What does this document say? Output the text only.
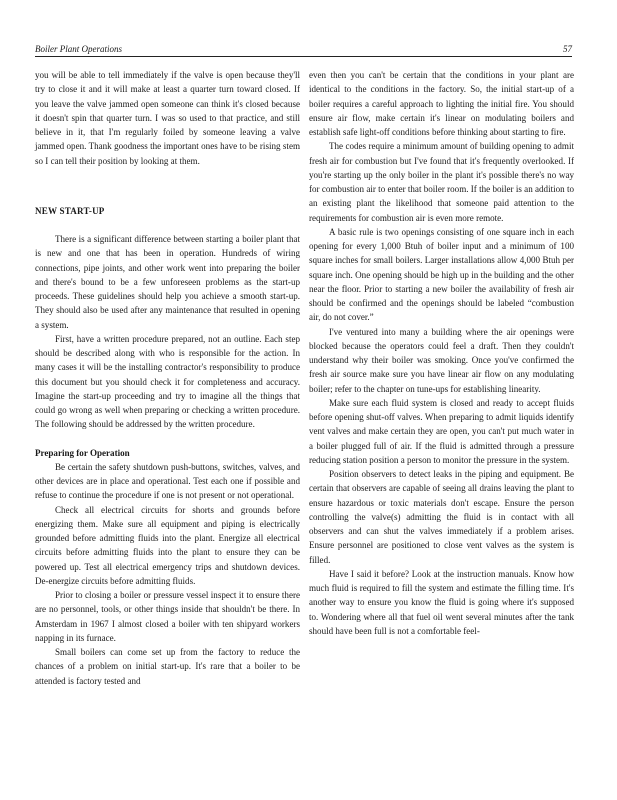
Boiler Plant Operations	57

you will be able to tell immediately if the valve is open because they'll try to close it and it will make at least a quarter turn toward closed. If you leave the valve jammed open someone can think it's closed because it doesn't spin that quarter turn. I was so used to that practice, and still believe in it, that I'm regularly foiled by someone leaving a valve jammed open. Thank goodness the important ones have to be rising stem so I can tell their position by looking at them.

NEW START-UP

There is a significant difference between starting a boiler plant that is new and one that has been in operation. Hundreds of wiring connections, pipe joints, and other work went into preparing the boiler and there's bound to be a few unforeseen problems as the start-up proceeds. These guidelines should help you achieve a smooth start-up. They should also be used after any maintenance that resulted in opening a system.

First, have a written procedure prepared, not an outline. Each step should be described along with who is responsible for the action. In many cases it will be the installing contractor's responsibility to produce this document but you should check it for completeness and accuracy. Imagine the start-up proceeding and try to imagine all the things that could go wrong as well when preparing or checking a written procedure. The following should be addressed by the written procedure.

Preparing for Operation

Be certain the safety shutdown push-buttons, switches, valves, and other devices are in place and operational. Test each one if possible and refuse to continue the procedure if one is not present or not operational.

Check all electrical circuits for shorts and grounds before energizing them. Make sure all equipment and piping is electrically grounded before admitting fluids into the plant. Energize all electrical circuits before admitting fluids into the plant to ensure they can be powered up. Test all electrical emergency trips and shutdown devices. De-energize circuits before admitting fluids.

Prior to closing a boiler or pressure vessel inspect it to ensure there are no personnel, tools, or other things inside that shouldn't be there. In Amsterdam in 1967 I almost closed a boiler with ten shipyard workers napping in its furnace.

Small boilers can come set up from the factory to reduce the chances of a problem on initial start-up. It's rare that a boiler to be attended is factory tested and

even then you can't be certain that the conditions in your plant are identical to the conditions in the factory. So, the initial start-up of a boiler requires a careful approach to lighting the initial fire. You should ensure air flow, make certain it's linear on modulating boilers and establish safe light-off conditions before thinking about starting to fire.

The codes require a minimum amount of building opening to admit fresh air for combustion but I've found that it's frequently overlooked. If you're starting up the only boiler in the plant it's possible there's no way for combustion air to enter that boiler room. If the boiler is an addition to an existing plant the likelihood that someone paid attention to the requirements for combustion air is even more remote.

A basic rule is two openings consisting of one square inch in each opening for every 1,000 Btuh of boiler input and a minimum of 100 square inches for small boilers. Larger installations allow 4,000 Btuh per square inch. One opening should be high up in the building and the other near the floor. Prior to starting a new boiler the availability of fresh air should be confirmed and the openings should be labeled “combustion air, do not cover.”

I've ventured into many a building where the air openings were blocked because the operators could feel a draft. Then they couldn't understand why their boiler was smoking. Once you've confirmed the fresh air source make sure you have linear air flow on any modulating boiler; refer to the chapter on tune-ups for establishing linearity.

Make sure each fluid system is closed and ready to accept fluids before opening shut-off valves. When preparing to admit liquids identify vent valves and make certain they are open, you can't put much water in a boiler plugged full of air. If the fluid is admitted through a pressure reducing station position a person to monitor the pressure in the system.

Position observers to detect leaks in the piping and equipment. Be certain that observers are capable of seeing all drains leaving the plant to ensure hazardous or toxic materials don't escape. Ensure the person controlling the valve(s) admitting the fluid is in contact with all observers and can shut the valves immediately if a problem arises. Ensure personnel are positioned to close vent valves as the system is filled.

Have I said it before? Look at the instruction manuals. Know how much fluid is required to fill the system and estimate the filling time. It's another way to ensure you know the fluid is going where it's supposed to. Wondering where all that fuel oil went several minutes after the tank should have been full is not a comfortable feel-
